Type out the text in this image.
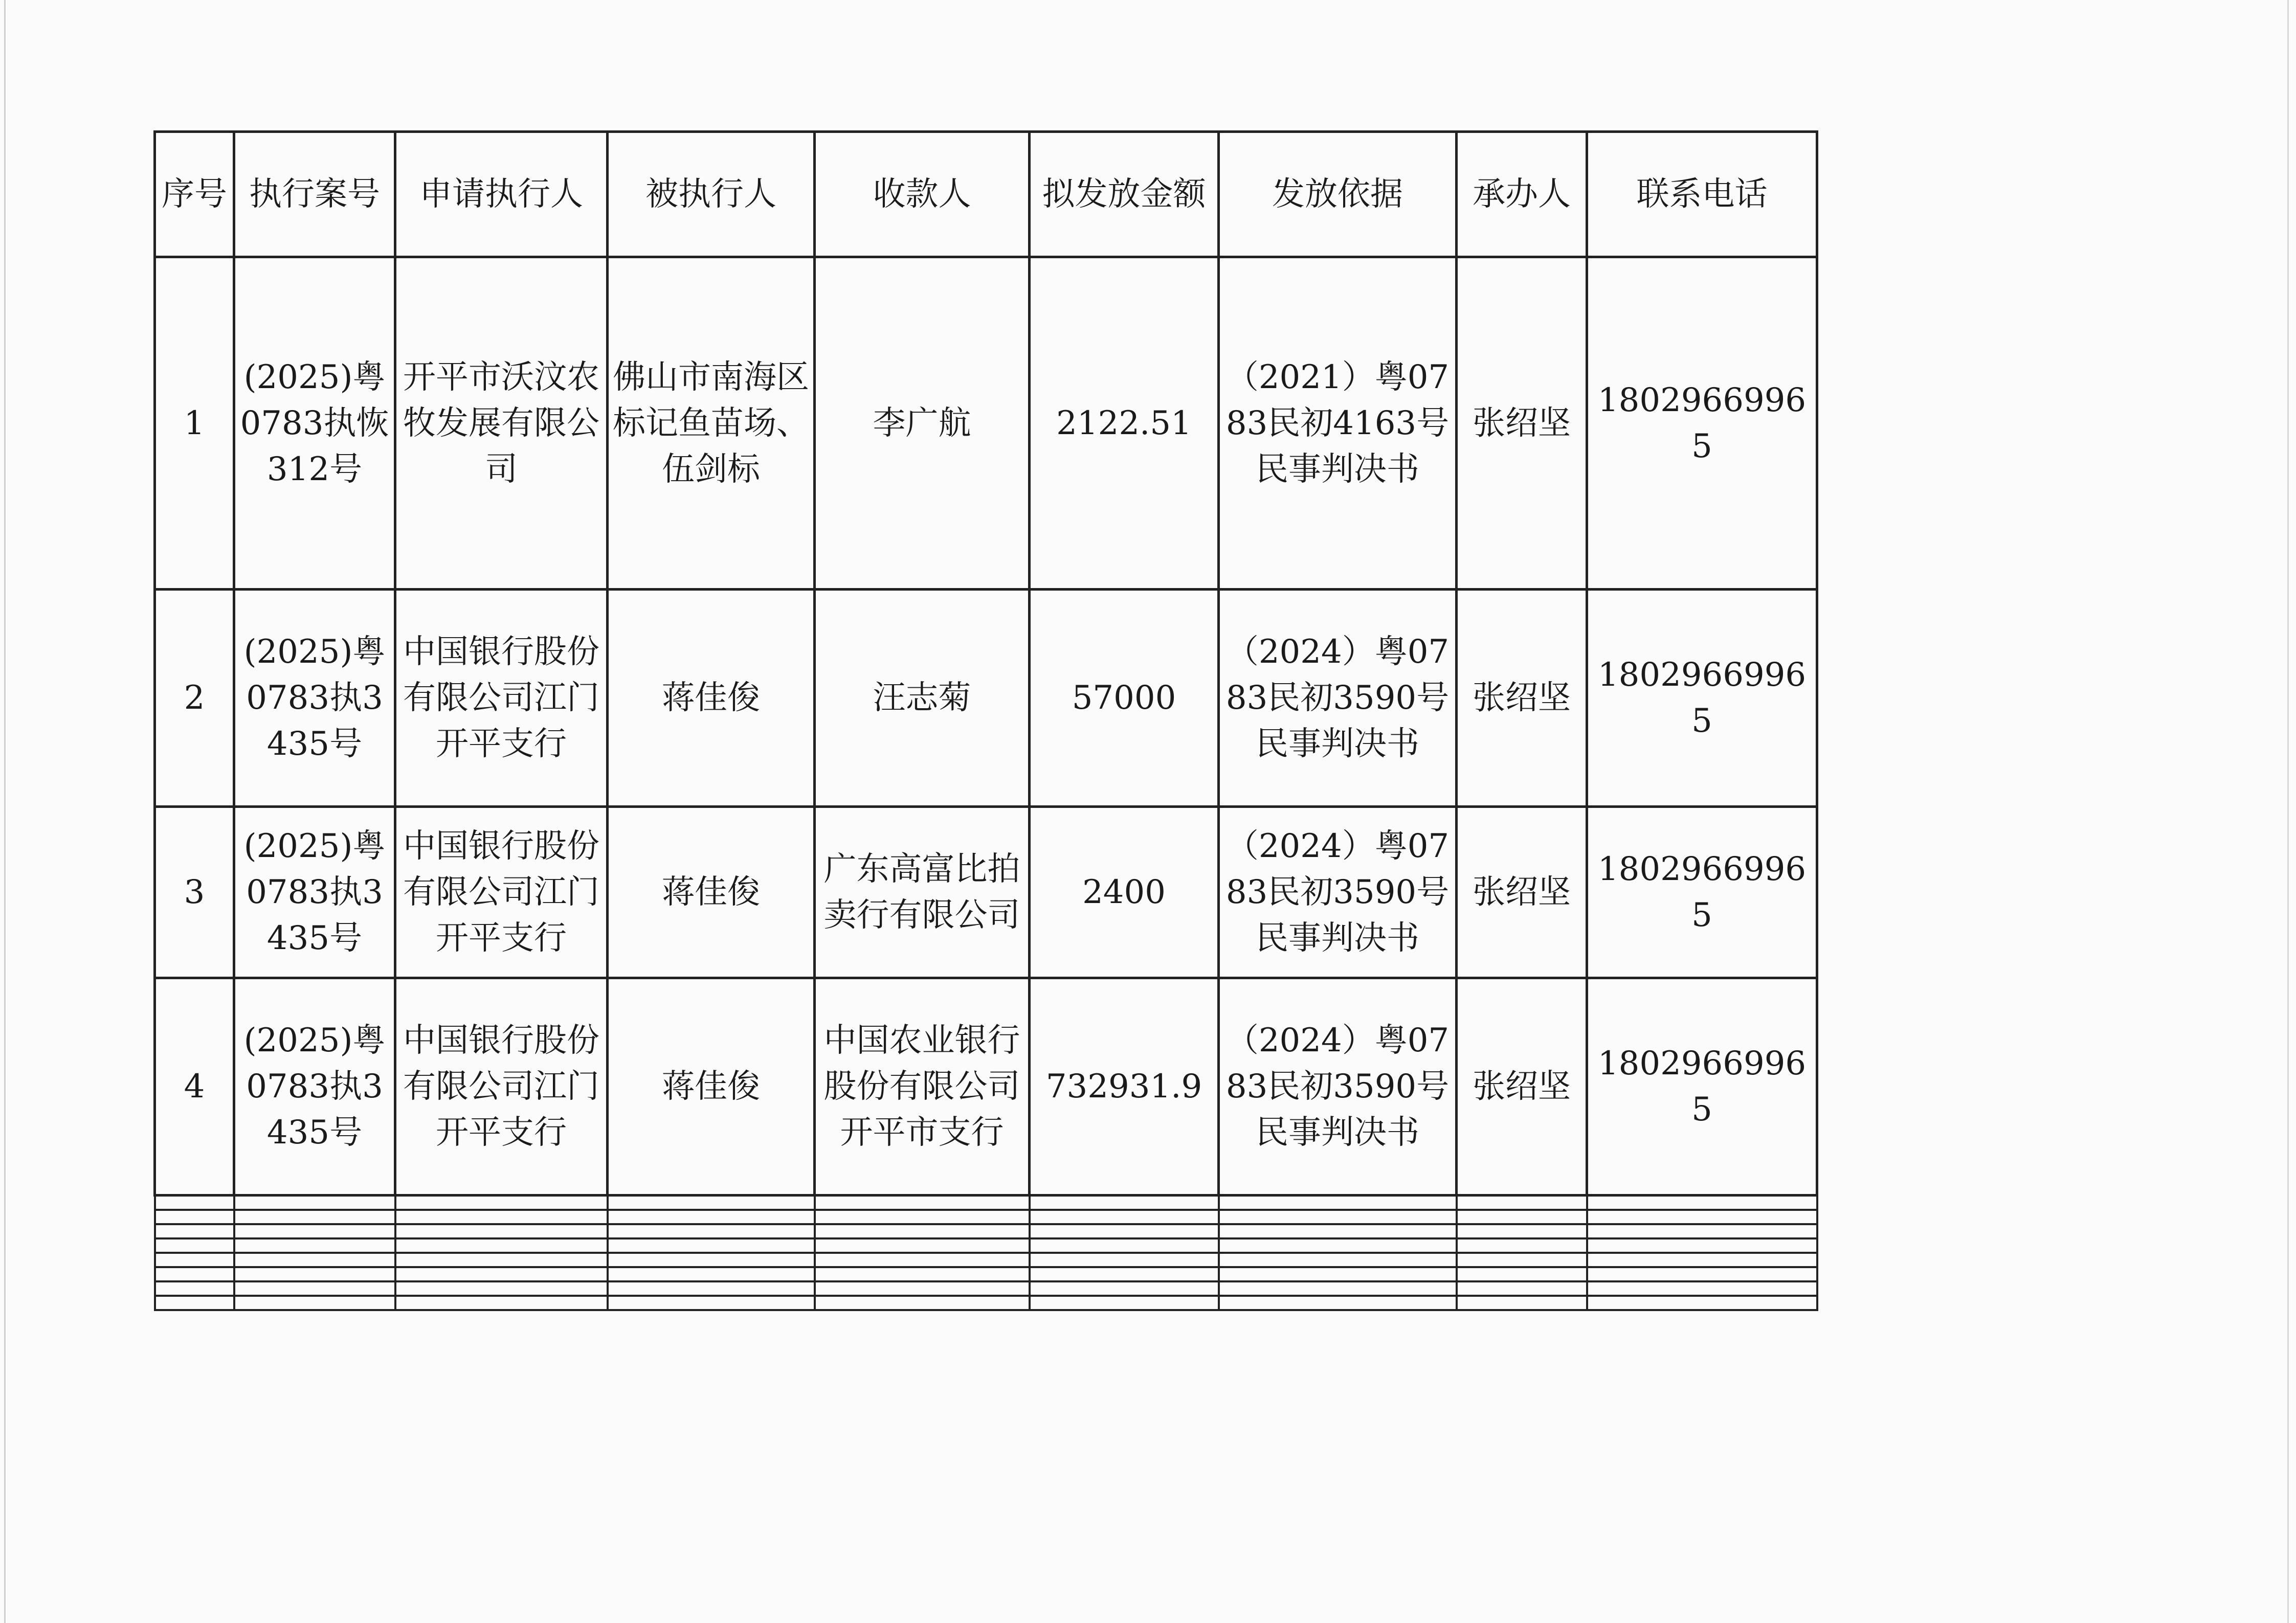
序号	执行案号	申请执行人	被执行人	收款人	拟发放金额	发放依据	承办人	联系电话
1	(2025)粤0783执恢312号	开平市沃汶农牧发展有限公司	佛山市南海区标记鱼苗场、伍剑标	李广航	2122.51	（2021）粤0783民初4163号民事判决书	张绍坚	18029669965
2	(2025)粤0783执3435号	中国银行股份有限公司江门开平支行	蒋佳俊	汪志菊	57000	（2024）粤0783民初3590号民事判决书	张绍坚	18029669965
3	(2025)粤0783执3435号	中国银行股份有限公司江门开平支行	蒋佳俊	广东高富比拍卖行有限公司	2400	（2024）粤0783民初3590号民事判决书	张绍坚	18029669965
4	(2025)粤0783执3435号	中国银行股份有限公司江门开平支行	蒋佳俊	中国农业银行股份有限公司开平市支行	732931.9	（2024）粤0783民初3590号民事判决书	张绍坚	18029669965
